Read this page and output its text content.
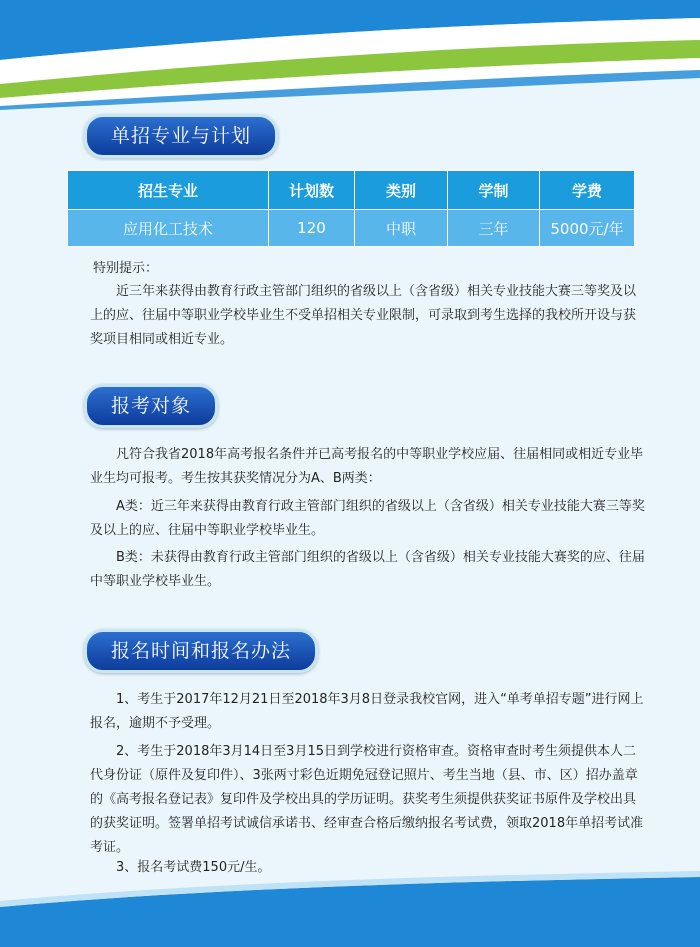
单招专业与计划
招生专业	计划数	类别	学制	学费
应用化工技术	120	中职	三年	5000元/年
特别提示：
近三年来获得由教育行政主管部门组织的省级以上（含省级）相关专业技能大赛三等奖及以上的应、往届中等职业学校毕业生不受单招相关专业限制，可录取到考生选择的我校所开设与获奖项目相同或相近专业。
报考对象
凡符合我省2018年高考报名条件并已高考报名的中等职业学校应届、往届相同或相近专业毕业生均可报考。考生按其获奖情况分为A、B两类：
A类：近三年来获得由教育行政主管部门组织的省级以上（含省级）相关专业技能大赛三等奖及以上的应、往届中等职业学校毕业生。
B类：未获得由教育行政主管部门组织的省级以上（含省级）相关专业技能大赛奖的应、往届中等职业学校毕业生。
报名时间和报名办法
1、考生于2017年12月21日至2018年3月8日登录我校官网，进入“单考单招专题”进行网上报名，逾期不予受理。
2、考生于2018年3月14日至3月15日到学校进行资格审查。资格审查时考生须提供本人二代身份证（原件及复印件）、3张两寸彩色近期免冠登记照片、考生当地（县、市、区）招办盖章的《高考报名登记表》复印件及学校出具的学历证明。获奖考生须提供获奖证书原件及学校出具的获奖证明。签署单招考试诚信承诺书、经审查合格后缴纳报名考试费，领取2018年单招考试准考证。
3、报名考试费150元/生。
